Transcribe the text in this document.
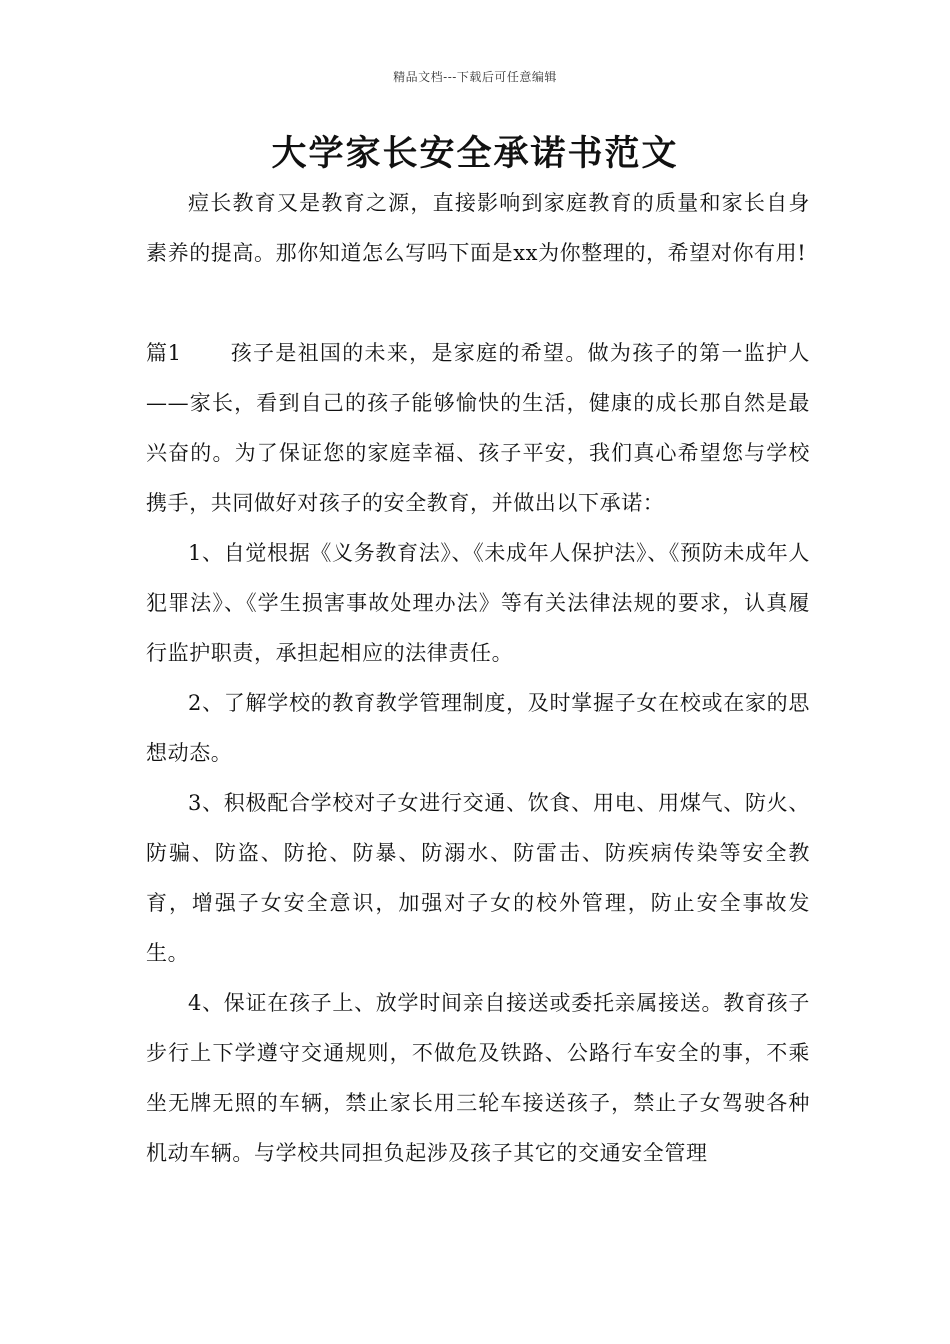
精品文档---下载后可任意编辑
大学家长安全承诺书范文

痘长教育又是教育之源，直接影响到家庭教育的质量和家长自身素养的提高。那你知道怎么写吗下面是xx为你整理的，希望对你有用!

篇1 孩子是祖国的未来，是家庭的希望。做为孩子的第一监护人——家长，看到自己的孩子能够愉快的生活，健康的成长那自然是最兴奋的。为了保证您的家庭幸福、孩子平安，我们真心希望您与学校携手，共同做好对孩子的安全教育，并做出以下承诺：

1、自觉根据《义务教育法》、《未成年人保护法》、《预防未成年人犯罪法》、《学生损害事故处理办法》等有关法律法规的要求，认真履行监护职责，承担起相应的法律责任。

2、了解学校的教育教学管理制度，及时掌握子女在校或在家的思想动态。

3、积极配合学校对子女进行交通、饮食、用电、用煤气、防火、防骗、防盗、防抢、防暴、防溺水、防雷击、防疾病传染等安全教育，增强子女安全意识，加强对子女的校外管理，防止安全事故发生。

4、保证在孩子上、放学时间亲自接送或委托亲属接送。教育孩子步行上下学遵守交通规则，不做危及铁路、公路行车安全的事，不乘坐无牌无照的车辆，禁止家长用三轮车接送孩子，禁止子女驾驶各种机动车辆。与学校共同担负起涉及孩子其它的交通安全管理
